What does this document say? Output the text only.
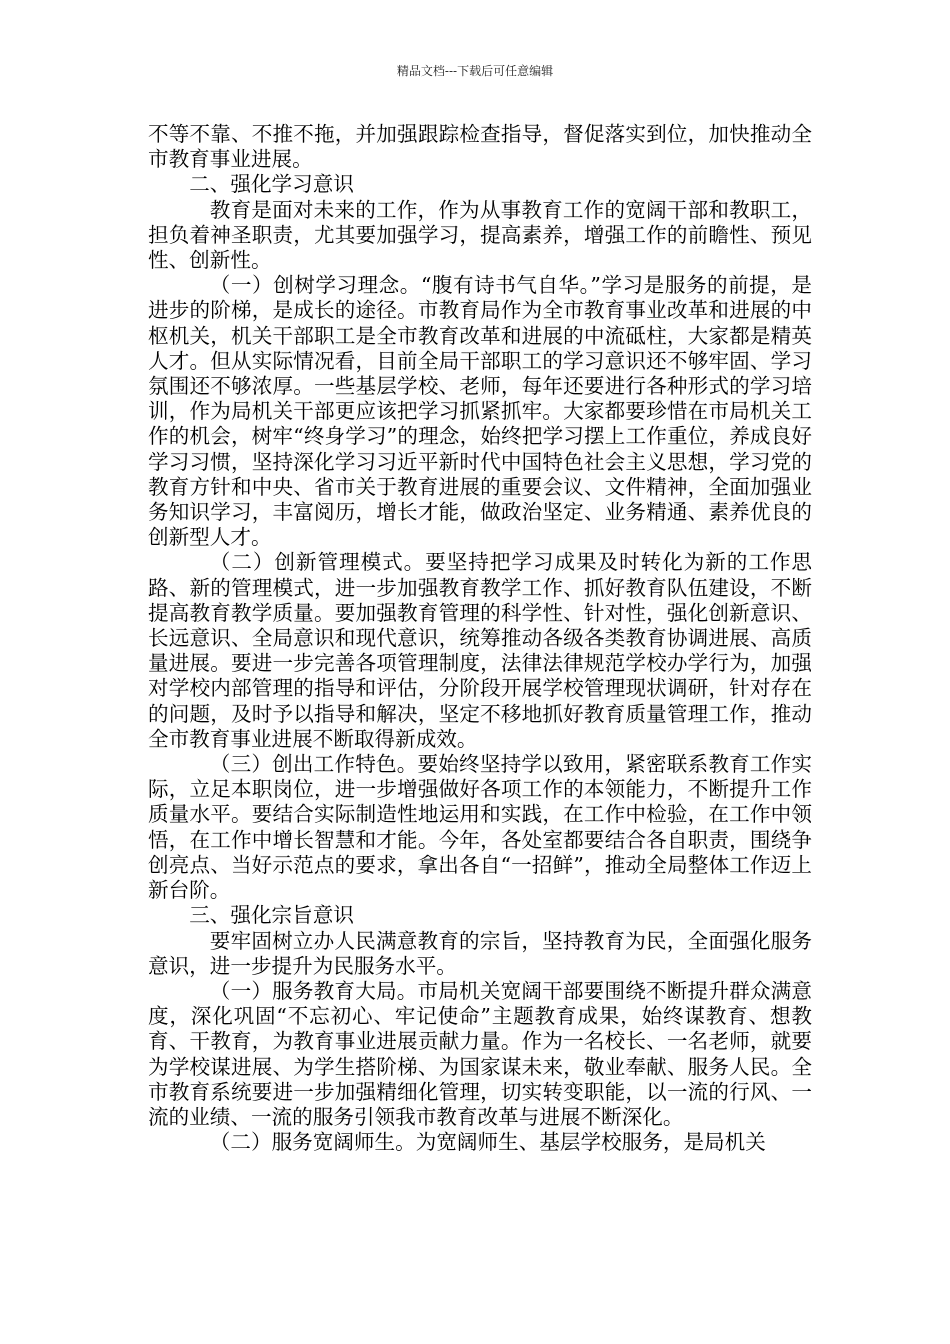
精品文档---下载后可任意编辑

不等不靠、不推不拖，并加强跟踪检查指导，督促落实到位，加快推动全市教育事业进展。

二、强化学习意识

教育是面对未来的工作，作为从事教育工作的宽阔干部和教职工，担负着神圣职责，尤其要加强学习，提高素养，增强工作的前瞻性、预见性、创新性。

（一）创树学习理念。“腹有诗书气自华。”学习是服务的前提，是进步的阶梯，是成长的途径。市教育局作为全市教育事业改革和进展的中枢机关，机关干部职工是全市教育改革和进展的中流砥柱，大家都是精英人才。但从实际情况看，目前全局干部职工的学习意识还不够牢固、学习氛围还不够浓厚。一些基层学校、老师，每年还要进行各种形式的学习培训，作为局机关干部更应该把学习抓紧抓牢。大家都要珍惜在市局机关工作的机会，树牢“终身学习”的理念，始终把学习摆上工作重位，养成良好学习习惯，坚持深化学习习近平新时代中国特色社会主义思想，学习党的教育方针和中央、省市关于教育进展的重要会议、文件精神，全面加强业务知识学习，丰富阅历，增长才能，做政治坚定、业务精通、素养优良的创新型人才。

（二）创新管理模式。要坚持把学习成果及时转化为新的工作思路、新的管理模式，进一步加强教育教学工作、抓好教育队伍建设，不断提高教育教学质量。要加强教育管理的科学性、针对性，强化创新意识、长远意识、全局意识和现代意识，统筹推动各级各类教育协调进展、高质量进展。要进一步完善各项管理制度，法律法律规范学校办学行为，加强对学校内部管理的指导和评估，分阶段开展学校管理现状调研，针对存在的问题，及时予以指导和解决，坚定不移地抓好教育质量管理工作，推动全市教育事业进展不断取得新成效。

（三）创出工作特色。要始终坚持学以致用，紧密联系教育工作实际，立足本职岗位，进一步增强做好各项工作的本领能力，不断提升工作质量水平。要结合实际制造性地运用和实践，在工作中检验，在工作中领悟，在工作中增长智慧和才能。今年，各处室都要结合各自职责，围绕争创亮点、当好示范点的要求，拿出各自“一招鲜”，推动全局整体工作迈上新台阶。

三、强化宗旨意识

要牢固树立办人民满意教育的宗旨，坚持教育为民，全面强化服务意识，进一步提升为民服务水平。

（一）服务教育大局。市局机关宽阔干部要围绕不断提升群众满意度，深化巩固“不忘初心、牢记使命”主题教育成果，始终谋教育、想教育、干教育，为教育事业进展贡献力量。作为一名校长、一名老师，就要为学校谋进展、为学生搭阶梯、为国家谋未来，敬业奉献、服务人民。全市教育系统要进一步加强精细化管理，切实转变职能，以一流的行风、一流的业绩、一流的服务引领我市教育改革与进展不断深化。

（二）服务宽阔师生。为宽阔师生、基层学校服务，是局机关
